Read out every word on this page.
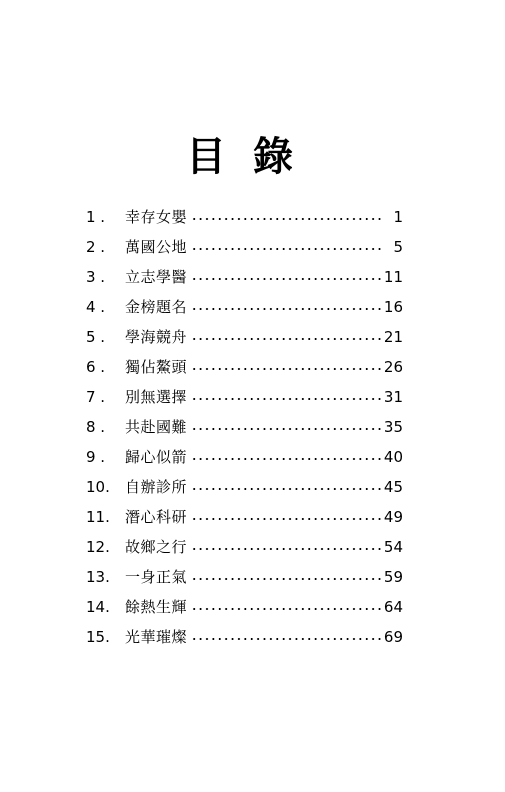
目 錄
1 .	幸存女嬰	1
2 .	萬國公地	5
3 .	立志學醫	11
4 .	金榜題名	16
5 .	學海競舟	21
6 .	獨佔鰲頭	26
7 .	別無選擇	31
8 .	共赴國難	35
9 .	歸心似箭	40
10.	自辦診所	45
11.	潛心科研	49
12.	故鄉之行	54
13.	一身正氣	59
14.	餘熱生輝	64
15.	光華璀燦	69
